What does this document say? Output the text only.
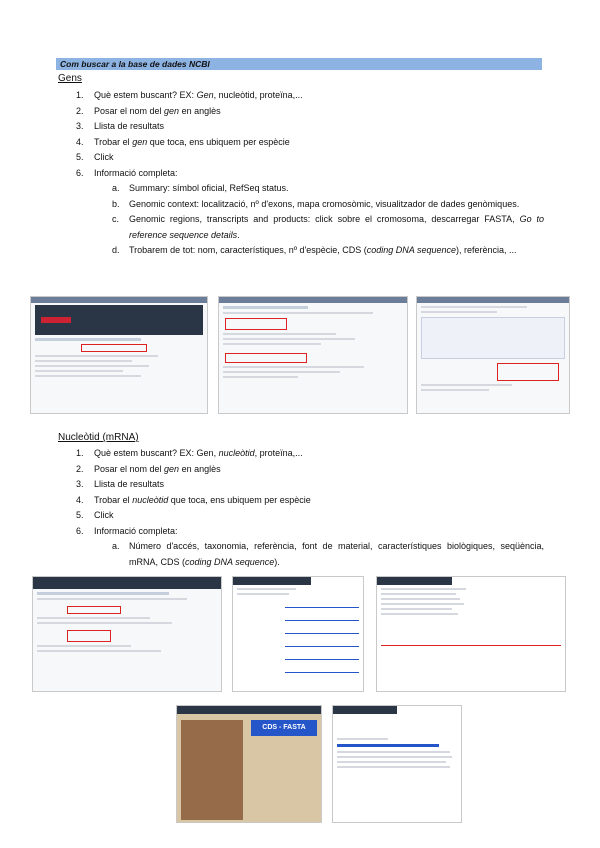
Com buscar a la base de dades NCBI
Gens
1. Què estem buscant? EX: Gen, nucleòtid, proteïna,...
2. Posar el nom del gen en anglès
3. Llista de resultats
4. Trobar el gen que toca, ens ubiquem per espècie
5. Click
6. Informació completa:
a. Summary: símbol oficial, RefSeq status.
b. Genomic context: localització, nº d'exons, mapa cromosòmic, visualitzador de dades genòmiques.
c. Genomic regions, transcripts and products: click sobre el cromosoma, descarregar FASTA, Go to reference sequence details.
d. Trobarem de tot: nom, característiques, nº d'espècie, CDS (coding DNA sequence), referència, ...
Nucleòtid (mRNA)
1. Què estem buscant? EX: Gen, nucleòtid, proteïna,...
2. Posar el nom del gen en anglès
3. Llista de resultats
4. Trobar el nucleòtid que toca, ens ubiquem per espècie
5. Click
6. Informació completa:
a. Número d'accés, taxonomia, referència, font de material, característiques biològiques, seqüència, mRNA, CDS (coding DNA sequence).
CDS - FASTA
